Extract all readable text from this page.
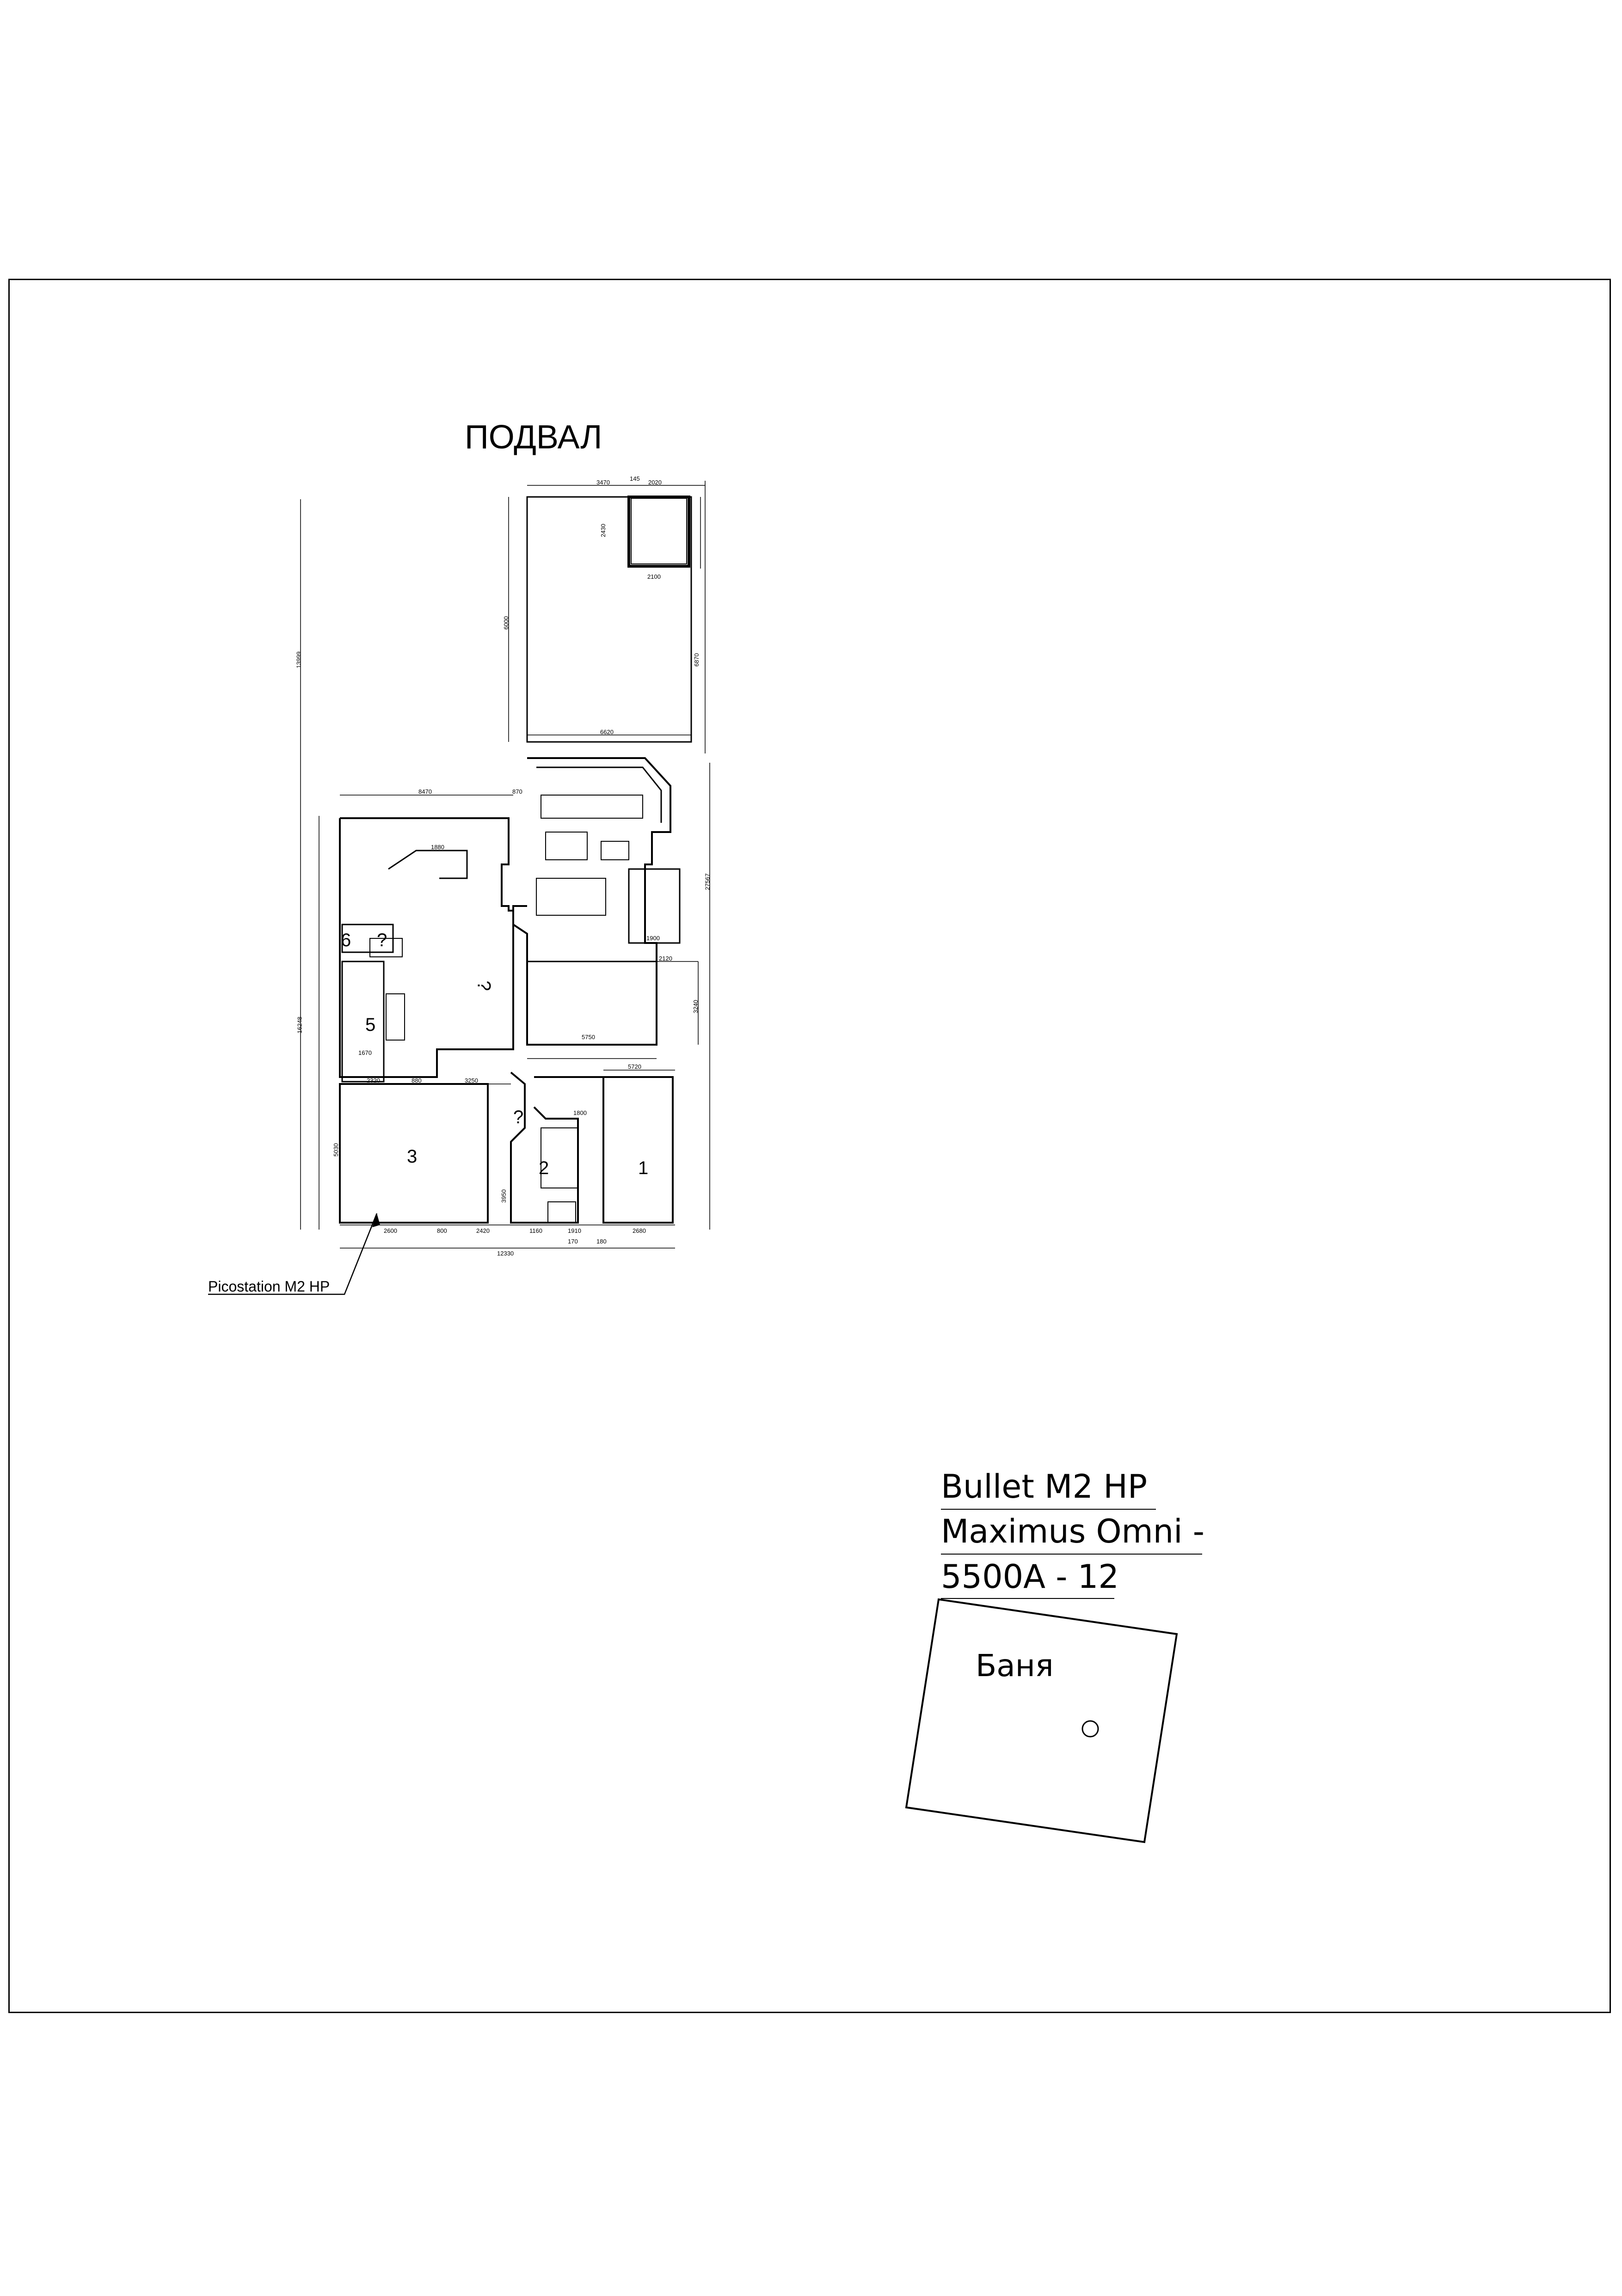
ПОДВАЛ
1
2
3
5
6 ?
?
?
Picostation M2 HP
Bullet M2 HP
Maximus Omni -
5500A - 12
Баня
3470
145
2020
2430
2100
6000
6870
6620
13999
27567
8470	870
1880
16248
5750
2120
1900
5720
2320	880	3250
5030
1670
12330
2600	800	2420	1160	1910	2680
170	180
1800
3950
3240
